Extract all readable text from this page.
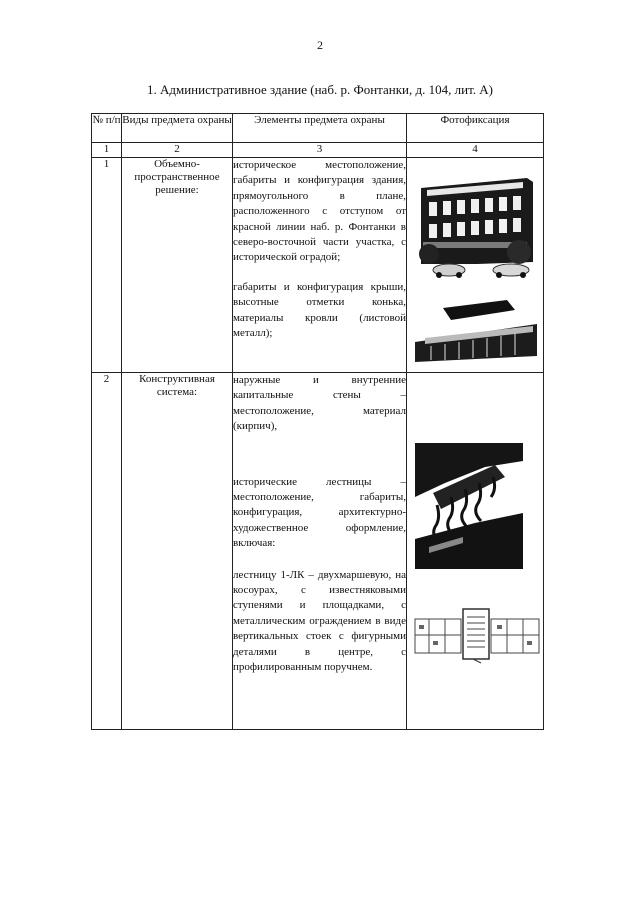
2
1. Административное здание (наб. р. Фонтанки, д. 104, лит. А)
№ п/п	Виды предмета охраны	Элементы предмета охраны	Фотофиксация
1	2	3	4
1	Объемно-пространственное решение:	историческое местоположение, габариты и конфигурация здания, прямоугольного в плане, расположенного с отступом от красной линии наб. р. Фонтанки в северо-восточной части участка, с исторической оградой;

габариты и конфигурация крыши, высотные отметки конька, материалы кровли (листовой металл);

2	Конструктивная система:	наружные и внутренние капитальные стены – местоположение, материал (кирпич),

исторические лестницы – местоположение, габариты, конфигурация, архитектурно-художественное оформление, включая:

лестницу 1-ЛК – двухмаршевую, на косоурах, с известняковыми ступенями и площадками, с металлическим ограждением в виде вертикальных стоек с фигурными деталями в центре, с профилированным поручнем.
